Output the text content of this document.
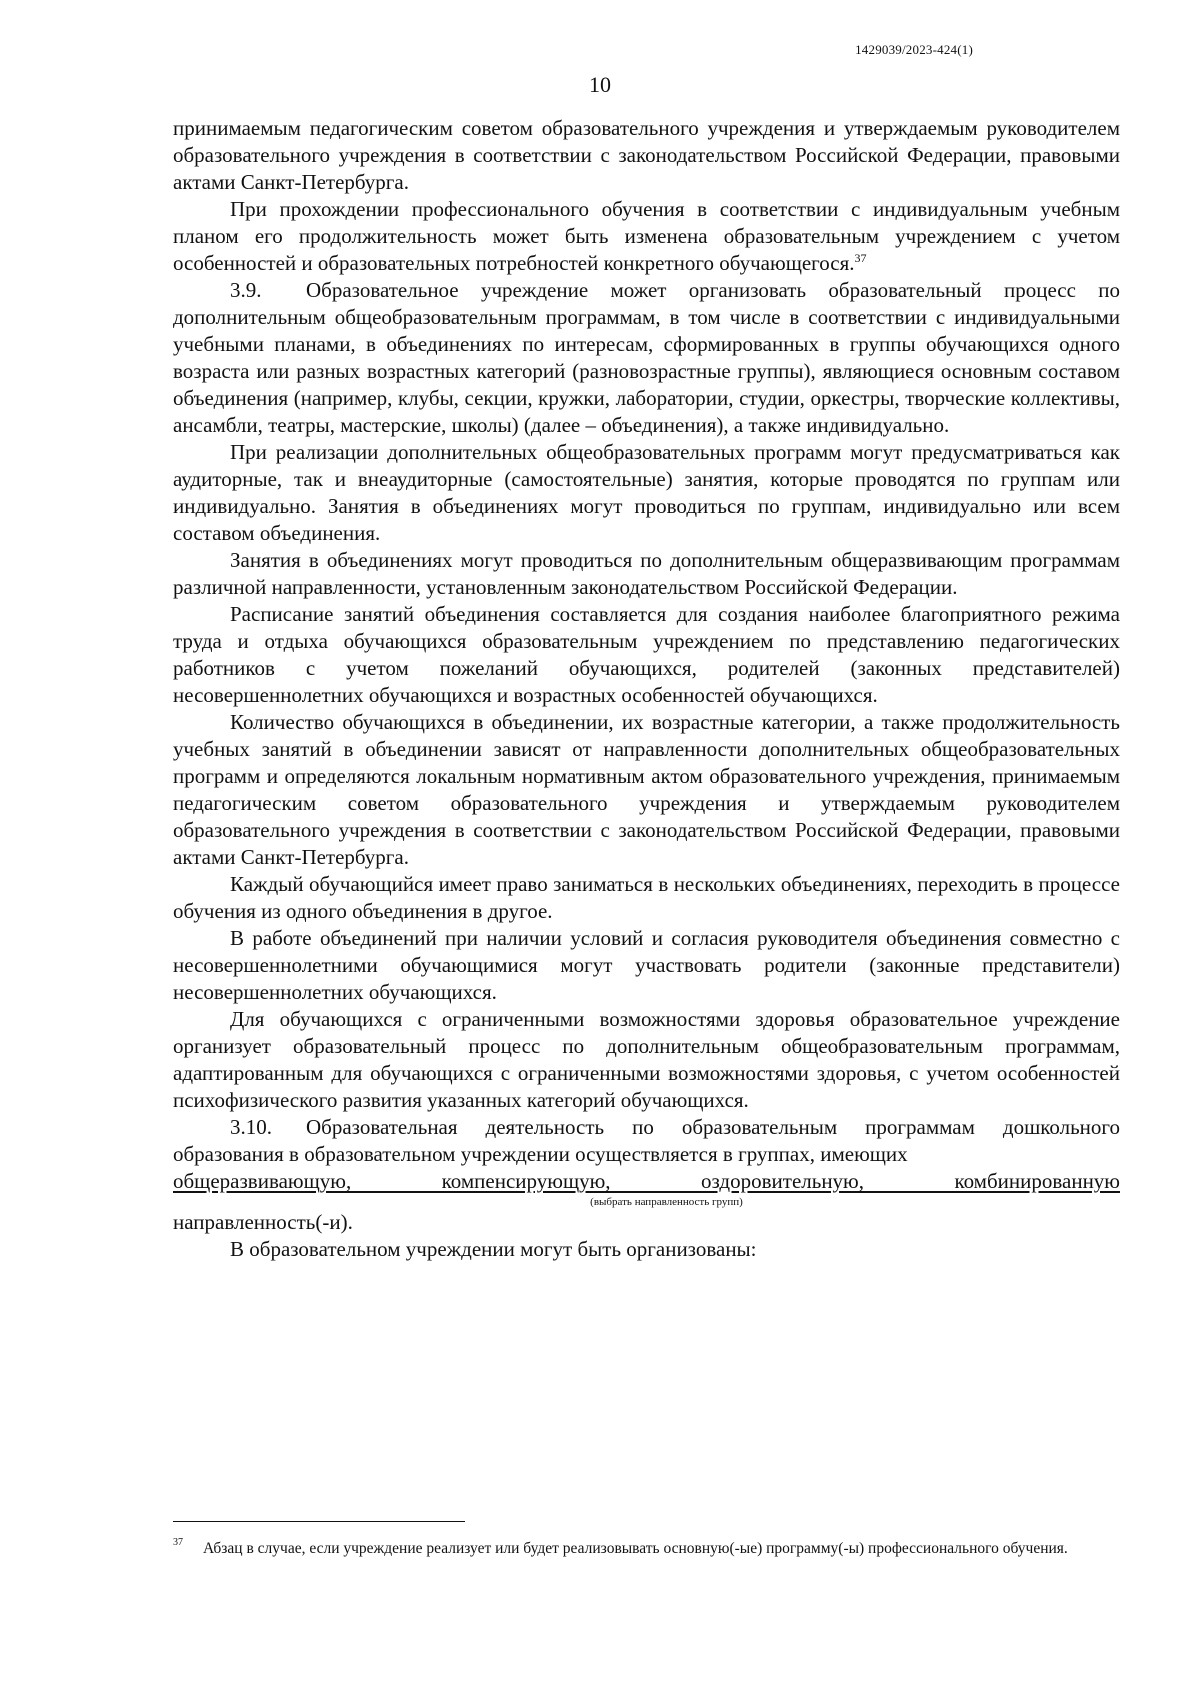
1429039/2023-424(1)
10

принимаемым педагогическим советом образовательного учреждения и утверждаемым руководителем образовательного учреждения в соответствии с законодательством Российской Федерации, правовыми актами Санкт-Петербурга.

При прохождении профессионального обучения в соответствии с индивидуальным учебным планом его продолжительность может быть изменена образовательным учреждением с учетом особенностей и образовательных потребностей конкретного обучающегося.$^{37}$

3.9. Образовательное учреждение может организовать образовательный процесс по дополнительным общеобразовательным программам, в том числе в соответствии с индивидуальными учебными планами, в объединениях по интересам, сформированных в группы обучающихся одного возраста или разных возрастных категорий (разновозрастные группы), являющиеся основным составом объединения (например, клубы, секции, кружки, лаборатории, студии, оркестры, творческие коллективы, ансамбли, театры, мастерские, школы) (далее – объединения), а также индивидуально.

При реализации дополнительных общеобразовательных программ могут предусматриваться как аудиторные, так и внеаудиторные (самостоятельные) занятия, которые проводятся по группам или индивидуально. Занятия в объединениях могут проводиться по группам, индивидуально или всем составом объединения.

Занятия в объединениях могут проводиться по дополнительным общеразвивающим программам различной направленности, установленным законодательством Российской Федерации.

Расписание занятий объединения составляется для создания наиболее благоприятного режима труда и отдыха обучающихся образовательным учреждением по представлению педагогических работников с учетом пожеланий обучающихся, родителей (законных представителей) несовершеннолетних обучающихся и возрастных особенностей обучающихся.

Количество обучающихся в объединении, их возрастные категории, а также продолжительность учебных занятий в объединении зависят от направленности дополнительных общеобразовательных программ и определяются локальным нормативным актом образовательного учреждения, принимаемым педагогическим советом образовательного учреждения и утверждаемым руководителем образовательного учреждения в соответствии с законодательством Российской Федерации, правовыми актами Санкт-Петербурга.

Каждый обучающийся имеет право заниматься в нескольких объединениях, переходить в процессе обучения из одного объединения в другое.

В работе объединений при наличии условий и согласия руководителя объединения совместно с несовершеннолетними обучающимися могут участвовать родители (законные представители) несовершеннолетних обучающихся.

Для обучающихся с ограниченными возможностями здоровья образовательное учреждение организует образовательный процесс по дополнительным общеобразовательным программам, адаптированным для обучающихся с ограниченными возможностями здоровья, с учетом особенностей психофизического развития указанных категорий обучающихся.

3.10. Образовательная деятельность по образовательным программам дошкольного образования в образовательном учреждении осуществляется в группах, имеющих

общеразвивающую, компенсирующую, оздоровительную, комбинированную

(выбрать направленность групп)

направленность(-и).

В образовательном учреждении могут быть организованы:

37 Абзац в случае, если учреждение реализует или будет реализовывать основную(-ые) программу(-ы) профессионального обучения.
